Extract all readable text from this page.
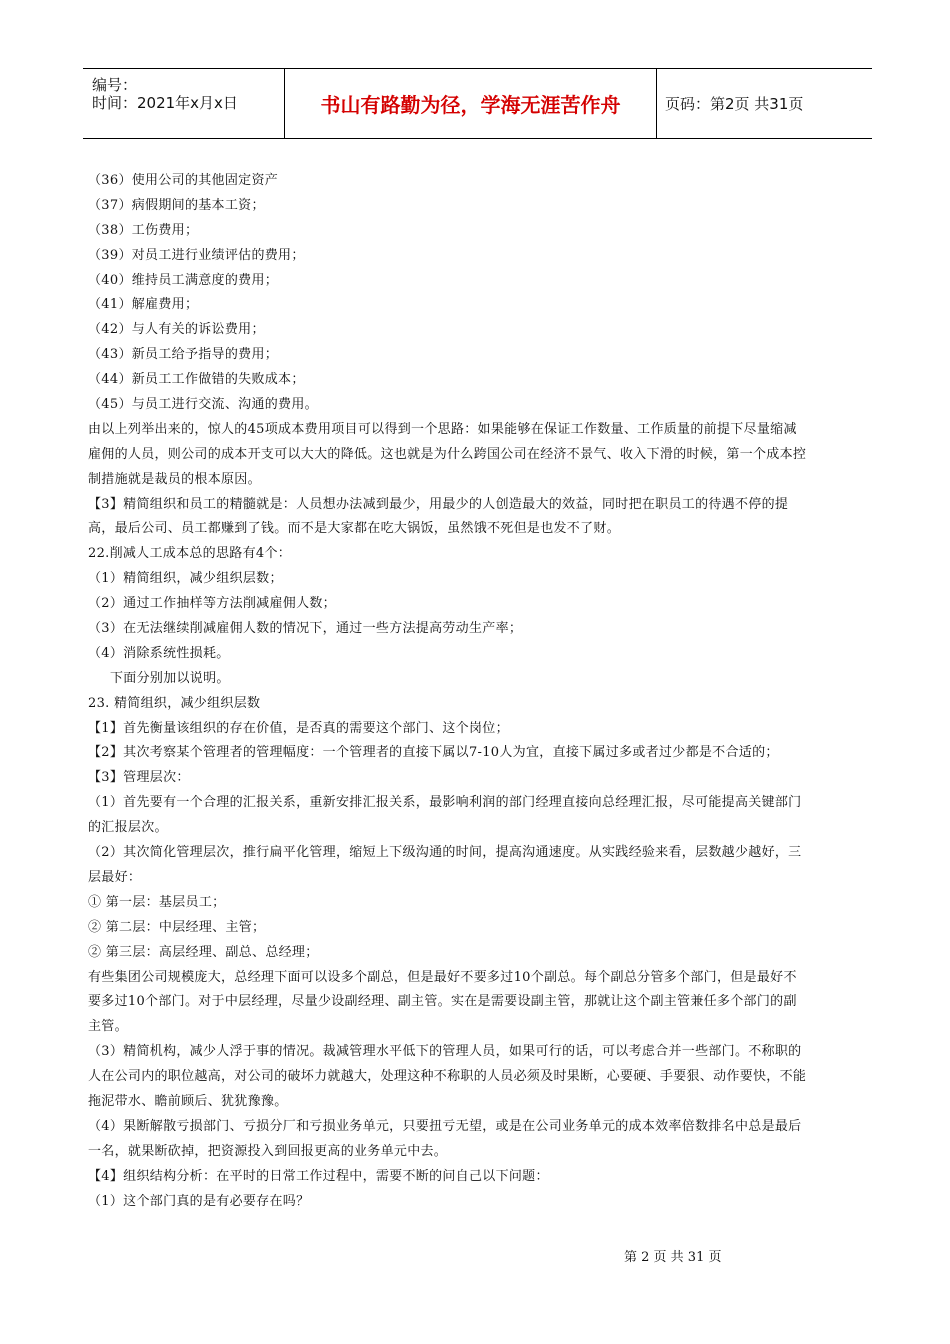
编号：
时间：2021年x月x日	书山有路勤为径，学海无涯苦作舟	页码：第2页 共31页
（36）使用公司的其他固定资产
（37）病假期间的基本工资；
（38）工伤费用；
（39）对员工进行业绩评估的费用；
（40）维持员工满意度的费用；
（41）解雇费用；
（42）与人有关的诉讼费用；
（43）新员工给予指导的费用；
（44）新员工工作做错的失败成本；
（45）与员工进行交流、沟通的费用。
由以上列举出来的，惊人的45项成本费用项目可以得到一个思路：如果能够在保证工作数量、工作质量的前提下尽量缩减
雇佣的人员，则公司的成本开支可以大大的降低。这也就是为什么跨国公司在经济不景气、收入下滑的时候，第一个成本控
制措施就是裁员的根本原因。
【3】精简组织和员工的精髓就是：人员想办法减到最少，用最少的人创造最大的效益，同时把在职员工的待遇不停的提
高，最后公司、员工都赚到了钱。而不是大家都在吃大锅饭，虽然饿不死但是也发不了财。
22.削减人工成本总的思路有4个：
（1）精简组织，减少组织层数；
（2）通过工作抽样等方法削减雇佣人数；
（3）在无法继续削减雇佣人数的情况下，通过一些方法提高劳动生产率；
（4）消除系统性损耗。
下面分别加以说明。
23. 精简组织，减少组织层数
【1】首先衡量该组织的存在价值，是否真的需要这个部门、这个岗位；
【2】其次考察某个管理者的管理幅度：一个管理者的直接下属以7-10人为宜，直接下属过多或者过少都是不合适的；
【3】管理层次：
（1）首先要有一个合理的汇报关系，重新安排汇报关系，最影响利润的部门经理直接向总经理汇报，尽可能提高关键部门
的汇报层次。
（2）其次简化管理层次，推行扁平化管理，缩短上下级沟通的时间，提高沟通速度。从实践经验来看，层数越少越好，三
层最好：
① 第一层：基层员工；
② 第二层：中层经理、主管；
② 第三层：高层经理、副总、总经理；
有些集团公司规模庞大，总经理下面可以设多个副总，但是最好不要多过10个副总。每个副总分管多个部门，但是最好不
要多过10个部门。对于中层经理，尽量少设副经理、副主管。实在是需要设副主管，那就让这个副主管兼任多个部门的副
主管。
（3）精简机构，减少人浮于事的情况。裁减管理水平低下的管理人员，如果可行的话，可以考虑合并一些部门。不称职的
人在公司内的职位越高，对公司的破坏力就越大，处理这种不称职的人员必须及时果断，心要硬、手要狠、动作要快，不能
拖泥带水、瞻前顾后、犹犹豫豫。
（4）果断解散亏损部门、亏损分厂和亏损业务单元，只要扭亏无望，或是在公司业务单元的成本效率倍数排名中总是最后
一名，就果断砍掉，把资源投入到回报更高的业务单元中去。
【4】组织结构分析：在平时的日常工作过程中，需要不断的问自己以下问题：
（1）这个部门真的是有必要存在吗？
第 2 页 共 31 页
